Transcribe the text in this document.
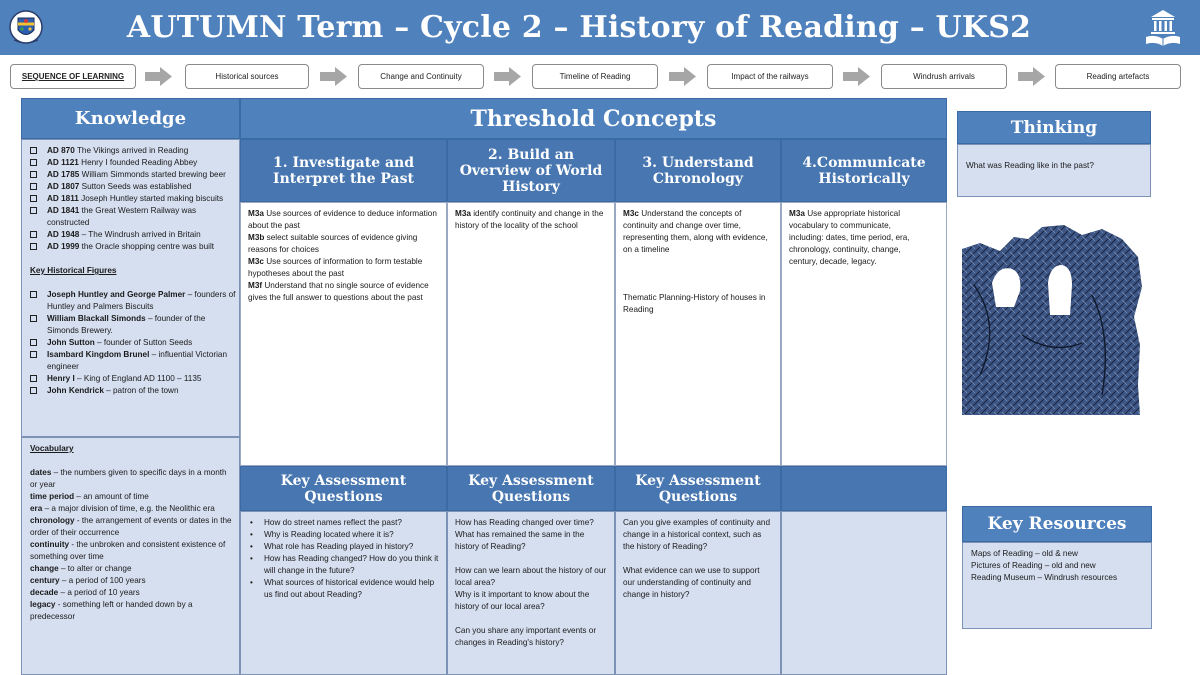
AUTUMN Term – Cycle 2 – History of Reading – UKS2
SEQUENCE OF LEARNING	Historical sources	Change and Continuity	Timeline of Reading	Impact of the railways	Windrush arrivals	Reading artefacts
Knowledge
AD 870 The Vikings arrived in Reading
AD 1121 Henry I founded Reading Abbey
AD 1785 William Simmonds started brewing beer
AD 1807 Sutton Seeds was established
AD 1811 Joseph Huntley started making biscuits
AD 1841 the Great Western Railway was constructed
AD 1948 – The Windrush arrived in Britain
AD 1999 the Oracle shopping centre was built
Key Historical Figures
Joseph Huntley and George Palmer – founders of Huntley and Palmers Biscuits
William Blackall Simonds – founder of the Simonds Brewery.
John Sutton – founder of Sutton Seeds
Isambard Kingdom Brunel – influential Victorian engineer
Henry I – King of England AD 1100 – 1135
John Kendrick – patron of the town
Vocabulary
dates – the numbers given to specific days in a month or year
time period – an amount of time
era – a major division of time, e.g. the Neolithic era
chronology - the arrangement of events or dates in the order of their occurrence
continuity - the unbroken and consistent existence of something over time
change – to alter or change
century – a period of 100 years
decade – a period of 10 years
legacy - something left or handed down by a predecessor
Threshold Concepts
1. Investigate and Interpret the Past
2. Build an Overview of World History
3. Understand Chronology
4.Communicate Historically
M3a Use sources of evidence to deduce information about the past
M3b select suitable sources of evidence giving reasons for choices
M3c Use sources of information to form testable hypotheses about the past
M3f Understand that no single source of evidence gives the full answer to questions about the past
M3a identify continuity and change in the history of the locality of the school
M3c Understand the concepts of continuity and change over time, representing them, along with evidence, on a timeline
Thematic Planning-History of houses in Reading
M3a Use appropriate historical vocabulary to communicate, including: dates, time period, era, chronology, continuity, change, century, decade, legacy.
Key Assessment Questions
Key Assessment Questions
Key Assessment Questions
• How do street names reflect the past?
• Why is Reading located where it is?
• What role has Reading played in history?
• How has Reading changed? How do you think it will change in the future?
• What sources of historical evidence would help us find out about Reading?
How has Reading changed over time?
What has remained the same in the history of Reading?
How can we learn about the history of our local area?
Why is it important to know about the history of our local area?
Can you share any important events or changes in Reading's history?
Can you give examples of continuity and change in a historical context, such as the history of Reading?
What evidence can we use to support our understanding of continuity and change in history?
Thinking
What was Reading like in the past?
Key Resources
Maps of Reading – old & new
Pictures of Reading – old and new
Reading Museum – Windrush resources
